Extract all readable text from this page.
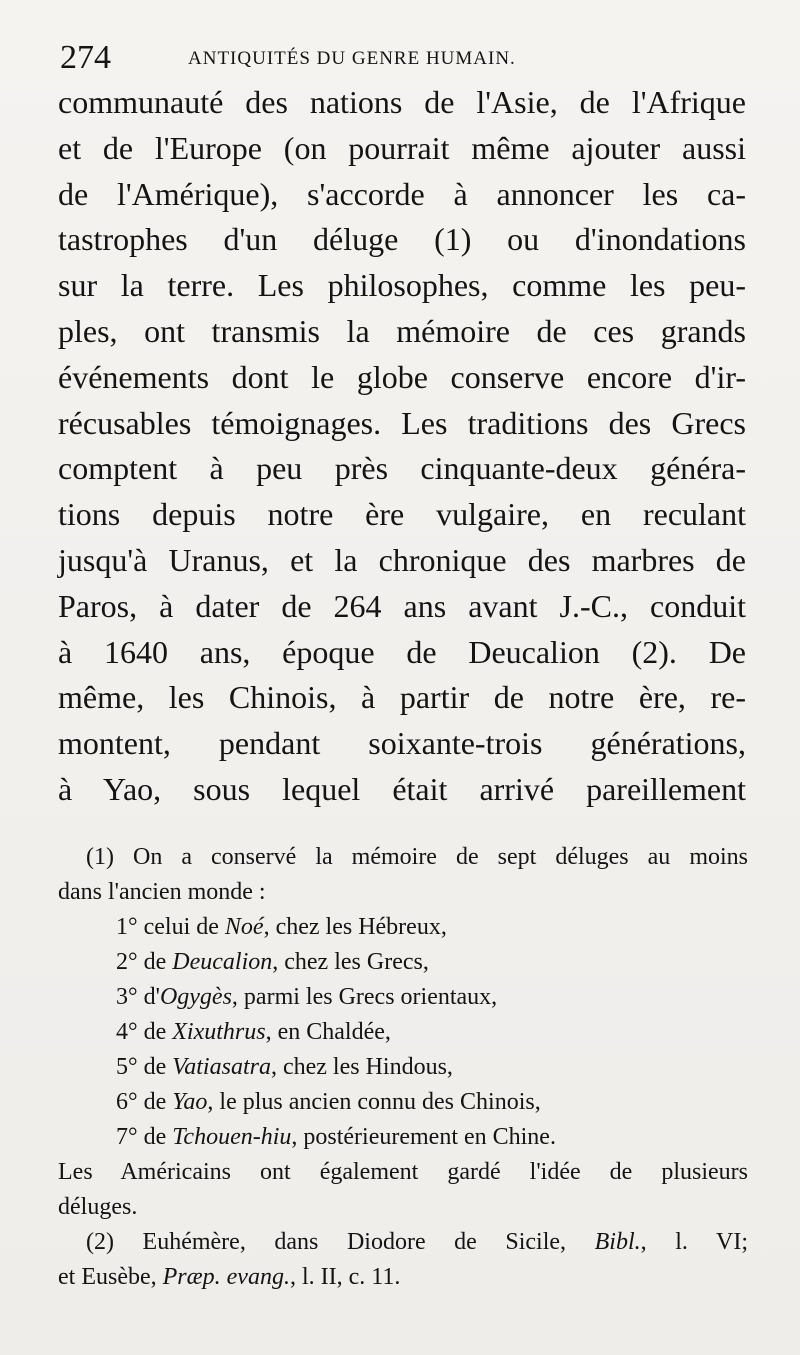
274	ANTIQUITÉS DU GENRE HUMAIN.
communauté des nations de l'Asie, de l'Afrique
et de l'Europe (on pourrait même ajouter aussi
de l'Amérique), s'accorde à annoncer les ca-
tastrophes d'un déluge (1) ou d'inondations
sur la terre. Les philosophes, comme les peu-
ples, ont transmis la mémoire de ces grands
événements dont le globe conserve encore d'ir-
récusables témoignages. Les traditions des Grecs
comptent à peu près cinquante-deux généra-
tions depuis notre ère vulgaire, en reculant
jusqu'à Uranus, et la chronique des marbres de
Paros, à dater de 264 ans avant J.-C., conduit
à 1640 ans, époque de Deucalion (2). De
même, les Chinois, à partir de notre ère, re-
montent, pendant soixante-trois générations,
à Yao, sous lequel était arrivé pareillement
(1) On a conservé la mémoire de sept déluges au moins
dans l'ancien monde :
1° celui de Noé, chez les Hébreux,
2° de Deucalion, chez les Grecs,
3° d'Ogygès, parmi les Grecs orientaux,
4° de Xixuthrus, en Chaldée,
5° de Vatiasatra, chez les Hindous,
6° de Yao, le plus ancien connu des Chinois,
7° de Tchouen-hiu, postérieurement en Chine.
Les Américains ont également gardé l'idée de plusieurs
déluges.
(2) Euhémère, dans Diodore de Sicile, Bibl., l. VI;
et Eusèbe, Præp. evang., l. II, c. 11.
